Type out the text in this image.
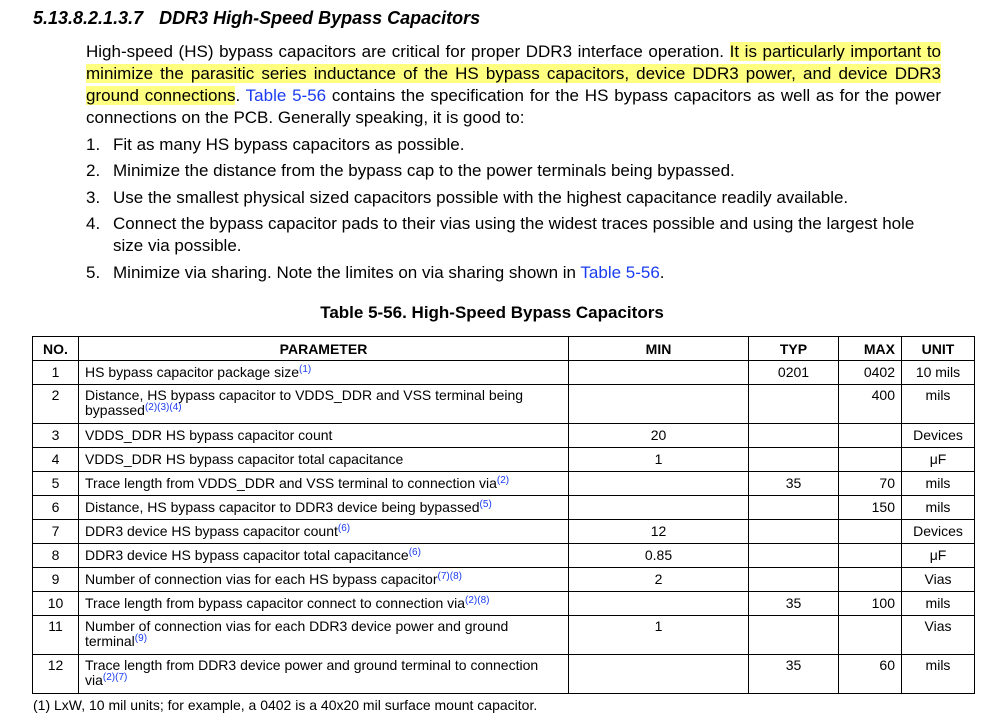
5.13.8.2.1.3.7 DDR3 High-Speed Bypass Capacitors
High-speed (HS) bypass capacitors are critical for proper DDR3 interface operation. It is particularly important to minimize the parasitic series inductance of the HS bypass capacitors, device DDR3 power, and device DDR3 ground connections. Table 5-56 contains the specification for the HS bypass capacitors as well as for the power connections on the PCB. Generally speaking, it is good to:
1. Fit as many HS bypass capacitors as possible.
2. Minimize the distance from the bypass cap to the power terminals being bypassed.
3. Use the smallest physical sized capacitors possible with the highest capacitance readily available.
4. Connect the bypass capacitor pads to their vias using the widest traces possible and using the largest hole size via possible.
5. Minimize via sharing. Note the limites on via sharing shown in Table 5-56.
Table 5-56. High-Speed Bypass Capacitors
NO.	PARAMETER	MIN	TYP	MAX	UNIT
1	HS bypass capacitor package size$^{(1)}$		0201	0402	10 mils
2	Distance, HS bypass capacitor to VDDS_DDR and VSS terminal being bypassed$^{(2)(3)(4)}$			400	mils
3	VDDS_DDR HS bypass capacitor count	20			Devices
4	VDDS_DDR HS bypass capacitor total capacitance	1			μF
5	Trace length from VDDS_DDR and VSS terminal to connection via$^{(2)}$		35	70	mils
6	Distance, HS bypass capacitor to DDR3 device being bypassed$^{(5)}$			150	mils
7	DDR3 device HS bypass capacitor count$^{(6)}$	12			Devices
8	DDR3 device HS bypass capacitor total capacitance$^{(6)}$	0.85			μF
9	Number of connection vias for each HS bypass capacitor$^{(7)(8)}$	2			Vias
10	Trace length from bypass capacitor connect to connection via$^{(2)(8)}$		35	100	mils
11	Number of connection vias for each DDR3 device power and ground terminal$^{(9)}$	1			Vias
12	Trace length from DDR3 device power and ground terminal to connection via$^{(2)(7)}$		35	60	mils
(1) LxW, 10 mil units; for example, a 0402 is a 40x20 mil surface mount capacitor.
